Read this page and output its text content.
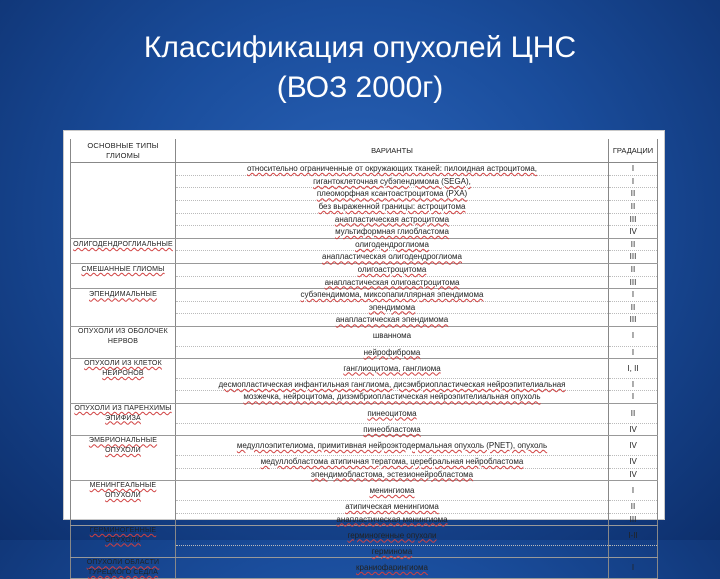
Классификация опухолей ЦНС
(ВОЗ 2000г)
ОСНОВНЫЕ ТИПЫ ГЛИОМЫ	ВАРИАНТЫ	ГРАДАЦИИ
	относительно ограниченные от окружающих тканей: пилоидная астроцитома,	I
	гигантоклеточная субэпендимома (SEGA),	I
	плеоморфная ксантоастроцитома (PXA)	II
	без выраженной границы: астроцитома	II
	анапластическая астроцитома	III
	мультиформная глиобластома	IV
ОЛИГОДЕНДРОГЛИАЛЬНЫЕ	олигодендроглиома	II
	анапластическая олигодендроглиома	III
СМЕШАННЫЕ ГЛИОМЫ	олигоастроцитома	II
	анапластическая олигоастроцитома	III
ЭПЕНДИМАЛЬНЫЕ	субэпендимома, миксопапиллярная эпендимома	I
	эпендимома	II
	анапластическая эпендимома	III
ОПУХОЛИ ИЗ ОБОЛОЧЕК НЕРВОВ	шваннома	I
	нейрофиброма	I
ОПУХОЛИ ИЗ КЛЕТОК НЕЙРОНОВ	ганглиоцитома, ганглиома	I, II
	десмопластическая инфантильная ганглиома, дисэмбриопластическая нейроэпителиальная	I
	мозжечка, нейроцитома, дизэмбриопластическая нейроэпителиальная опухоль	I
ОПУХОЛИ ИЗ ПАРЕНХИМЫ ЭПИФИЗА	пинеоцитома	II
	пинеобластома	IV
ЭМБРИОНАЛЬНЫЕ ОПУХОЛИ	медуллоэпителиома, примитивная нейроэктодермальная опухоль (PNET), опухоль	IV
	медуллобластома атипичная тератома, церебральная нейробластома	IV
	эпендимобластома, эстезионейробластома	IV
МЕНИНГЕАЛЬНЫЕ ОПУХОЛИ	менингиома	I
	атипическая менингиома	II
	анапластическая менингиома	III
ГЕРМИНОГЕННЫЕ ОПУХОЛИ	герминогенные опухоли	I-II
	герминома	
ОПУХОЛИ ОБЛАСТИ ТУРЕЦКОГО СЕДЛА	краниофарингиома	I
